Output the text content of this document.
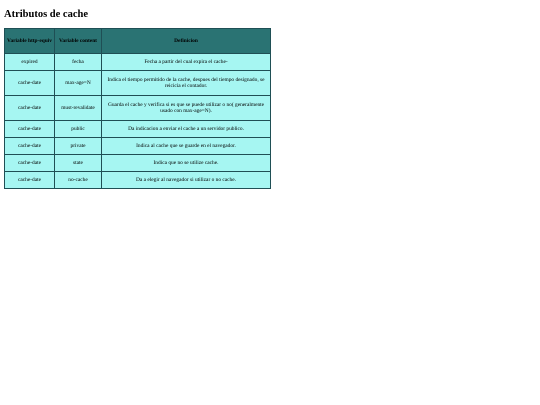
Atributos de cache
Variable http-equiv	Variable content	Definicion
expired	fecha	Fecha a partir del cual expira el cache-
cache-date	max-age=N	Indica el tiempo permitido de la cache, despues del tiempo designado, se reicicia el contador.
cache-date	must-revalidate	Guarda el cache y verifica si es que se puede utilizar o no( generalmente usado con max-age=N).
cache-date	public	Da indicacion a enviar el cache a un servidor publico.
cache-date	private	Indica al cache que se guarde en el navegador.
cache-date	state	Indica que no se utilize cache.
cache-date	no-cache	Da a elegir al navegador si utilizar o no cache.
